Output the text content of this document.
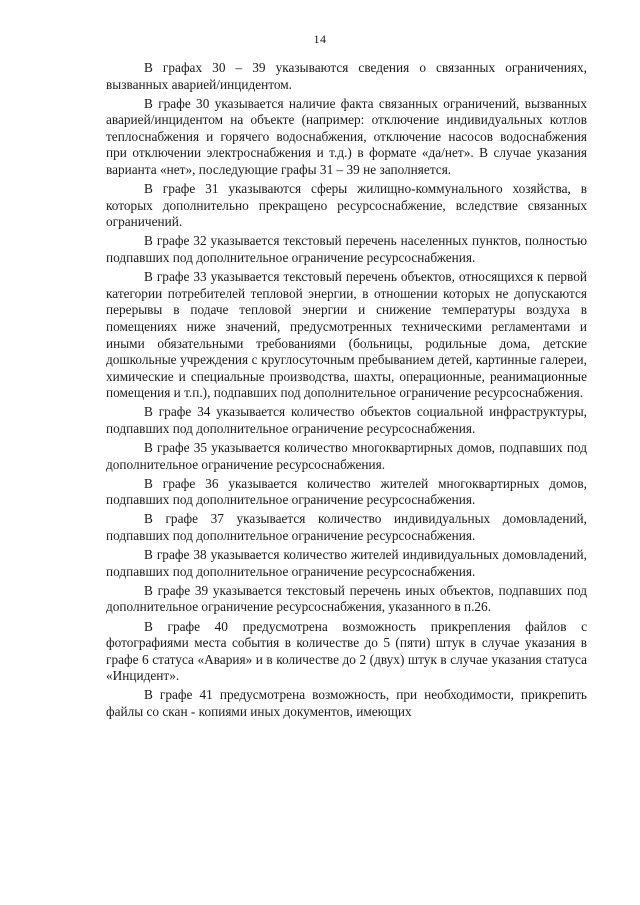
14

В графах 30 – 39 указываются сведения о связанных ограничениях, вызванных аварией/инцидентом.

В графе 30 указывается наличие факта связанных ограничений, вызванных аварией/инцидентом на объекте (например: отключение индивидуальных котлов теплоснабжения и горячего водоснабжения, отключение насосов водоснабжения при отключении электроснабжения и т.д.) в формате «да/нет». В случае указания варианта «нет», последующие графы 31 – 39 не заполняется.

В графе 31 указываются сферы жилищно-коммунального хозяйства, в которых дополнительно прекращено ресурсоснабжение, вследствие связанных ограничений.

В графе 32 указывается текстовый перечень населенных пунктов, полностью подпавших под дополнительное ограничение ресурсоснабжения.

В графе 33 указывается текстовый перечень объектов, относящихся к первой категории потребителей тепловой энергии, в отношении которых не допускаются перерывы в подаче тепловой энергии и снижение температуры воздуха в помещениях ниже значений, предусмотренных техническими регламентами и иными обязательными требованиями (больницы, родильные дома, детские дошкольные учреждения с круглосуточным пребыванием детей, картинные галереи, химические и специальные производства, шахты, операционные, реанимационные помещения и т.п.), подпавших под дополнительное ограничение ресурсоснабжения.

В графе 34 указывается количество объектов социальной инфраструктуры, подпавших под дополнительное ограничение ресурсоснабжения.

В графе 35 указывается количество многоквартирных домов, подпавших под дополнительное ограничение ресурсоснабжения.

В графе 36 указывается количество жителей многоквартирных домов, подпавших под дополнительное ограничение ресурсоснабжения.

В графе 37 указывается количество индивидуальных домовладений, подпавших под дополнительное ограничение ресурсоснабжения.

В графе 38 указывается количество жителей индивидуальных домовладений, подпавших под дополнительное ограничение ресурсоснабжения.

В графе 39 указывается текстовый перечень иных объектов, подпавших под дополнительное ограничение ресурсоснабжения, указанного в п.26.

В графе 40 предусмотрена возможность прикрепления файлов с фотографиями места события в количестве до 5 (пяти) штук в случае указания в графе 6 статуса «Авария» и в количестве до 2 (двух) штук в случае указания статуса «Инцидент».

В графе 41 предусмотрена возможность, при необходимости, прикрепить файлы со скан - копиями иных документов, имеющих
